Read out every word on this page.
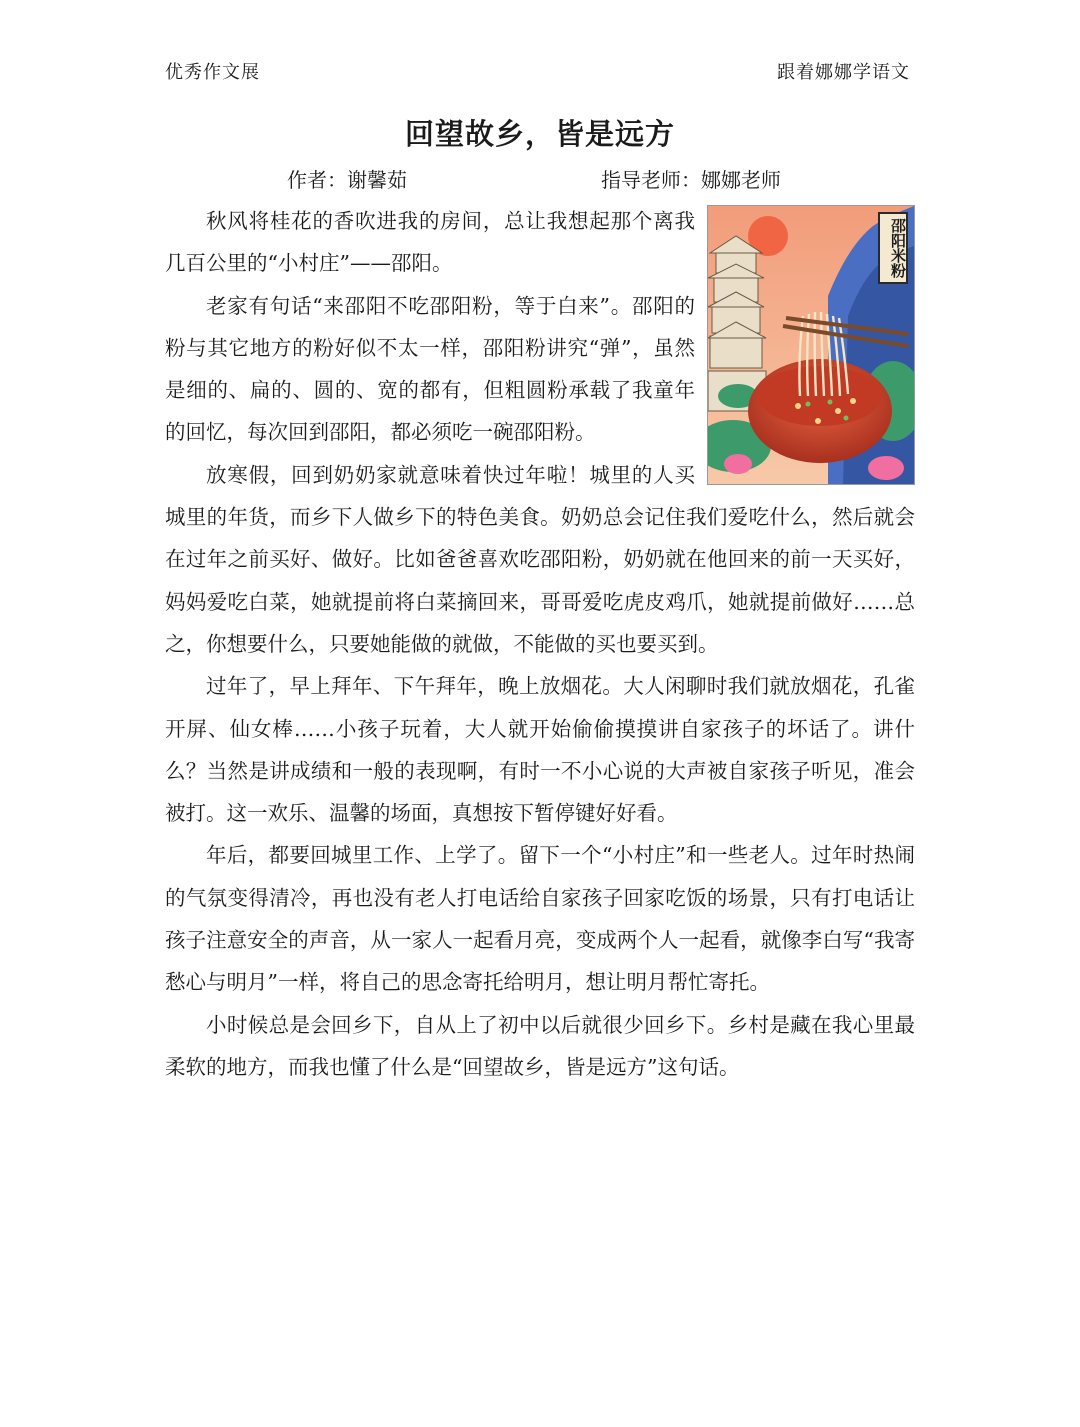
优秀作文展	跟着娜娜学语文
回望故乡，皆是远方
作者：谢馨茹	指导老师：娜娜老师
邵阳米粉

秋风将桂花的香吹进我的房间，总让我想起那个离我几百公里的“小村庄”——邵阳。

老家有句话“来邵阳不吃邵阳粉，等于白来”。邵阳的粉与其它地方的粉好似不太一样，邵阳粉讲究“弹”，虽然是细的、扁的、圆的、宽的都有，但粗圆粉承载了我童年的回忆，每次回到邵阳，都必须吃一碗邵阳粉。

放寒假，回到奶奶家就意味着快过年啦！城里的人买城里的年货，而乡下人做乡下的特色美食。奶奶总会记住我们爱吃什么，然后就会在过年之前买好、做好。比如爸爸喜欢吃邵阳粉，奶奶就在他回来的前一天买好，妈妈爱吃白菜，她就提前将白菜摘回来，哥哥爱吃虎皮鸡爪，她就提前做好……总之，你想要什么，只要她能做的就做，不能做的买也要买到。

过年了，早上拜年、下午拜年，晚上放烟花。大人闲聊时我们就放烟花，孔雀开屏、仙女棒……小孩子玩着，大人就开始偷偷摸摸讲自家孩子的坏话了。讲什么？当然是讲成绩和一般的表现啊，有时一不小心说的大声被自家孩子听见，准会被打。这一欢乐、温馨的场面，真想按下暂停键好好看。

年后，都要回城里工作、上学了。留下一个“小村庄”和一些老人。过年时热闹的气氛变得清冷，再也没有老人打电话给自家孩子回家吃饭的场景，只有打电话让孩子注意安全的声音，从一家人一起看月亮，变成两个人一起看，就像李白写“我寄愁心与明月”一样，将自己的思念寄托给明月，想让明月帮忙寄托。

小时候总是会回乡下，自从上了初中以后就很少回乡下。乡村是藏在我心里最柔软的地方，而我也懂了什么是“回望故乡，皆是远方”这句话。
